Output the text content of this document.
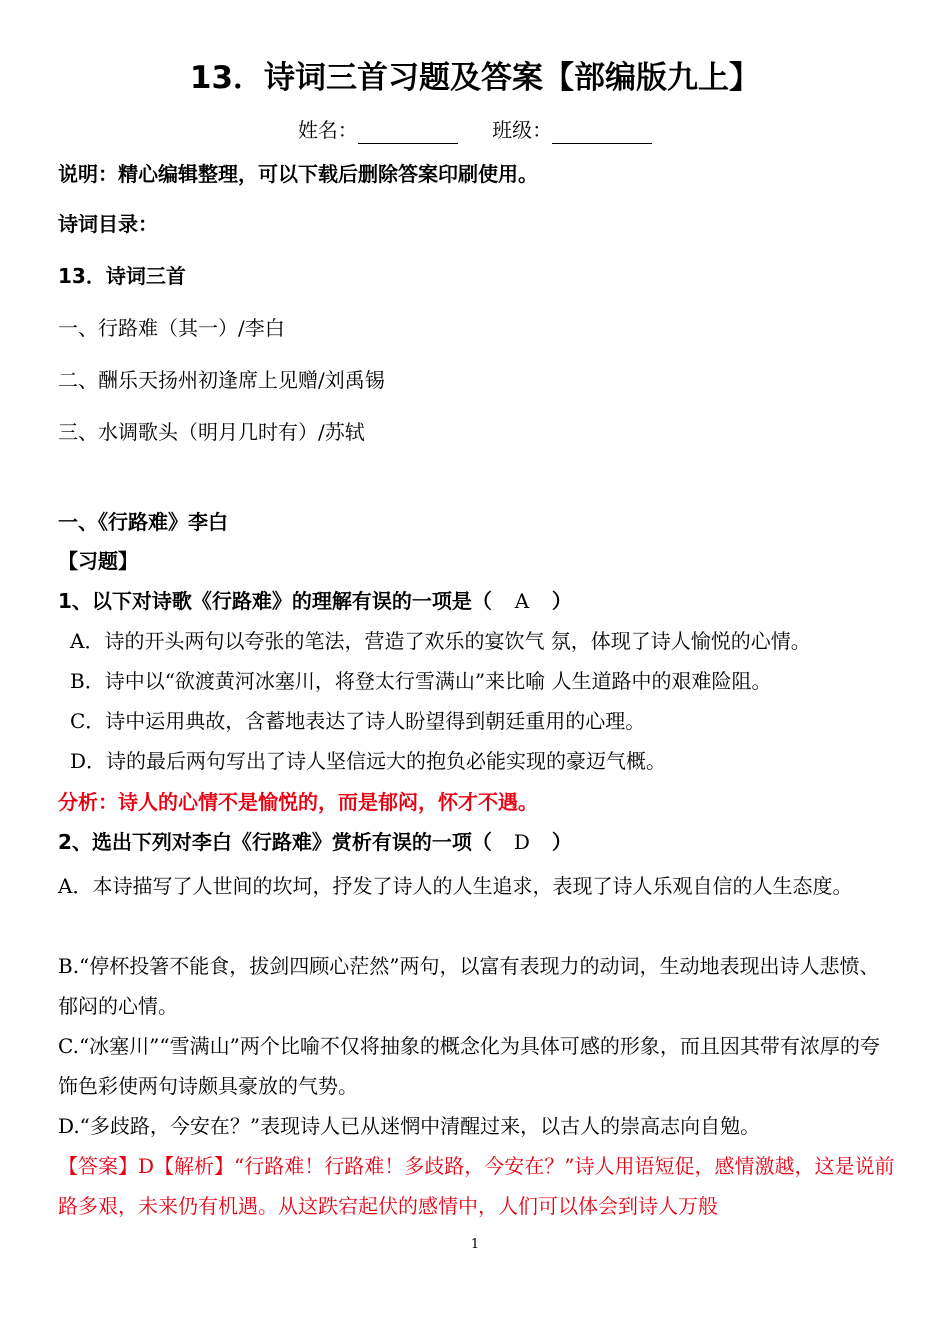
13．诗词三首习题及答案【部编版九上】
姓名：	班级：
说明：精心编辑整理，可以下载后删除答案印刷使用。
诗词目录：
13．诗词三首
一、行路难（其一）/李白
二、酬乐天扬州初逢席上见赠/刘禹锡
三、水调歌头（明月几时有）/苏轼
一、《行路难》李白
【习题】
1、以下对诗歌《行路难》的理解有误的一项是（ A ）
A．诗的开头两句以夸张的笔法，营造了欢乐的宴饮气 氛，体现了诗人愉悦的心情。
B．诗中以“欲渡黄河冰塞川，将登太行雪满山”来比喻 人生道路中的艰难险阻。
C．诗中运用典故，含蓄地表达了诗人盼望得到朝廷重用的心理。
D．诗的最后两句写出了诗人坚信远大的抱负必能实现的豪迈气概。
分析：诗人的心情不是愉悦的，而是郁闷，怀才不遇。
2、选出下列对李白《行路难》赏析有误的一项（ D ）
A．本诗描写了人世间的坎坷，抒发了诗人的人生追求，表现了诗人乐观自信的人生态度。
B.“停杯投箸不能食，拔剑四顾心茫然”两句，以富有表现力的动词，生动地表现出诗人悲愤、郁闷的心情。
C.“冰塞川”“雪满山”两个比喻不仅将抽象的概念化为具体可感的形象，而且因其带有浓厚的夸饰色彩使两句诗颇具豪放的气势。
D.“多歧路，今安在？”表现诗人已从迷惘中清醒过来，以古人的崇高志向自勉。
【答案】D【解析】“行路难！行路难！多歧路，今安在？”诗人用语短促，感情激越，这是说前路多艰，未来仍有机遇。从这跌宕起伏的感情中，人们可以体会到诗人万般
1
